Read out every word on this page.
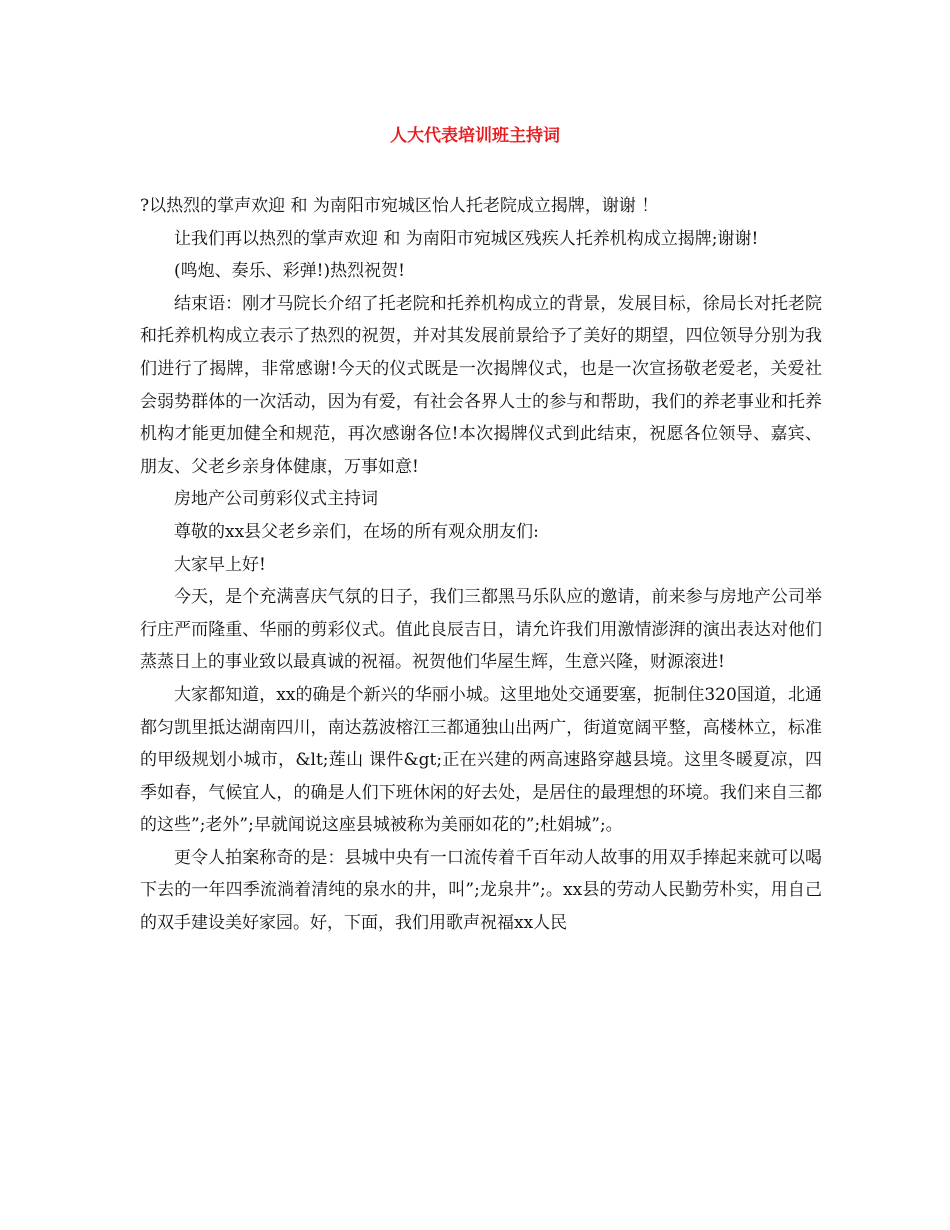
人大代表培训班主持词

?以热烈的掌声欢迎 和 为南阳市宛城区怡人托老院成立揭牌，谢谢 ！

让我们再以热烈的掌声欢迎 和 为南阳市宛城区残疾人托养机构成立揭牌;谢谢!

(鸣炮、奏乐、彩弹!)热烈祝贺!

结束语：刚才马院长介绍了托老院和托养机构成立的背景，发展目标，徐局长对托老院和托养机构成立表示了热烈的祝贺，并对其发展前景给予了美好的期望，四位领导分别为我们进行了揭牌，非常感谢!今天的仪式既是一次揭牌仪式，也是一次宣扬敬老爱老，关爱社会弱势群体的一次活动，因为有爱，有社会各界人士的参与和帮助，我们的养老事业和托养机构才能更加健全和规范，再次感谢各位!本次揭牌仪式到此结束，祝愿各位领导、嘉宾、朋友、父老乡亲身体健康，万事如意!

房地产公司剪彩仪式主持词

尊敬的xx县父老乡亲们，在场的所有观众朋友们:

大家早上好!

今天，是个充满喜庆气氛的日子，我们三都黑马乐队应的邀请，前来参与房地产公司举行庄严而隆重、华丽的剪彩仪式。值此良辰吉日，请允许我们用激情澎湃的演出表达对他们蒸蒸日上的事业致以最真诚的祝福。祝贺他们华屋生辉，生意兴隆，财源滚进!

大家都知道，xx的确是个新兴的华丽小城。这里地处交通要塞，扼制住320国道，北通都匀凯里抵达湖南四川，南达荔波榕江三都通独山出两广，街道宽阔平整，高楼林立，标准的甲级规划小城市，&lt;莲山 课件&gt;正在兴建的两高速路穿越县境。这里冬暖夏凉，四季如春，气候宜人，的确是人们下班休闲的好去处，是居住的最理想的环境。我们来自三都的这些”;老外”;早就闻说这座县城被称为美丽如花的”;杜娟城”;。

更令人拍案称奇的是：县城中央有一口流传着千百年动人故事的用双手捧起来就可以喝下去的一年四季流淌着清纯的泉水的井，叫”;龙泉井”;。xx县的劳动人民勤劳朴实，用自己的双手建设美好家园。好，下面，我们用歌声祝福xx人民
